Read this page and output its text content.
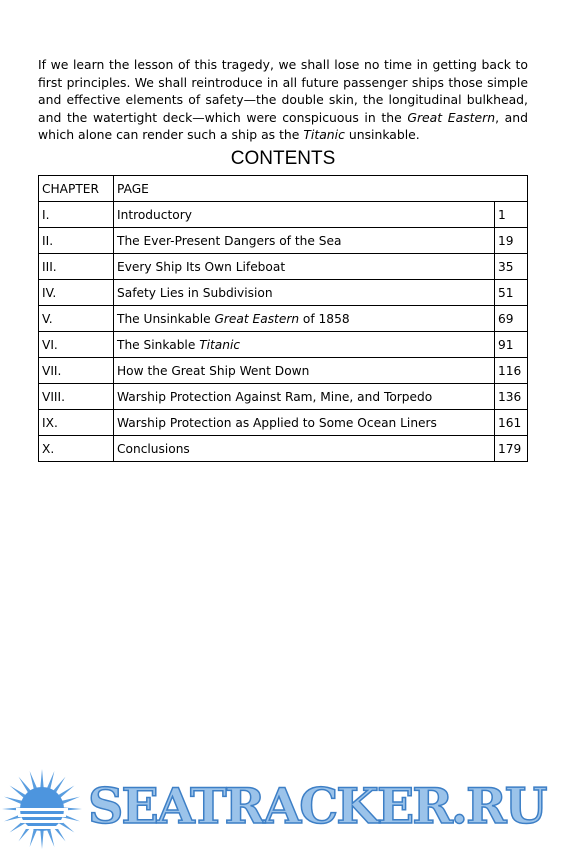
If we learn the lesson of this tragedy, we shall lose no time in getting back to first principles. We shall reintroduce in all future passenger ships those simple and effective elements of safety—the double skin, the longitudinal bulkhead, and the watertight deck—which were conspicuous in the Great Eastern, and which alone can render such a ship as the Titanic unsinkable.

CONTENTS
CHAPTER	PAGE	
I.	Introductory	1
II.	The Ever-Present Dangers of the Sea	19
III.	Every Ship Its Own Lifeboat	35
IV.	Safety Lies in Subdivision	51
V.	The Unsinkable Great Eastern of 1858	69
VI.	The Sinkable Titanic	91
VII.	How the Great Ship Went Down	116
VIII.	Warship Protection Against Ram, Mine, and Torpedo	136
IX.	Warship Protection as Applied to Some Ocean Liners	161
X.	Conclusions	179
SEATRACKER.RU
